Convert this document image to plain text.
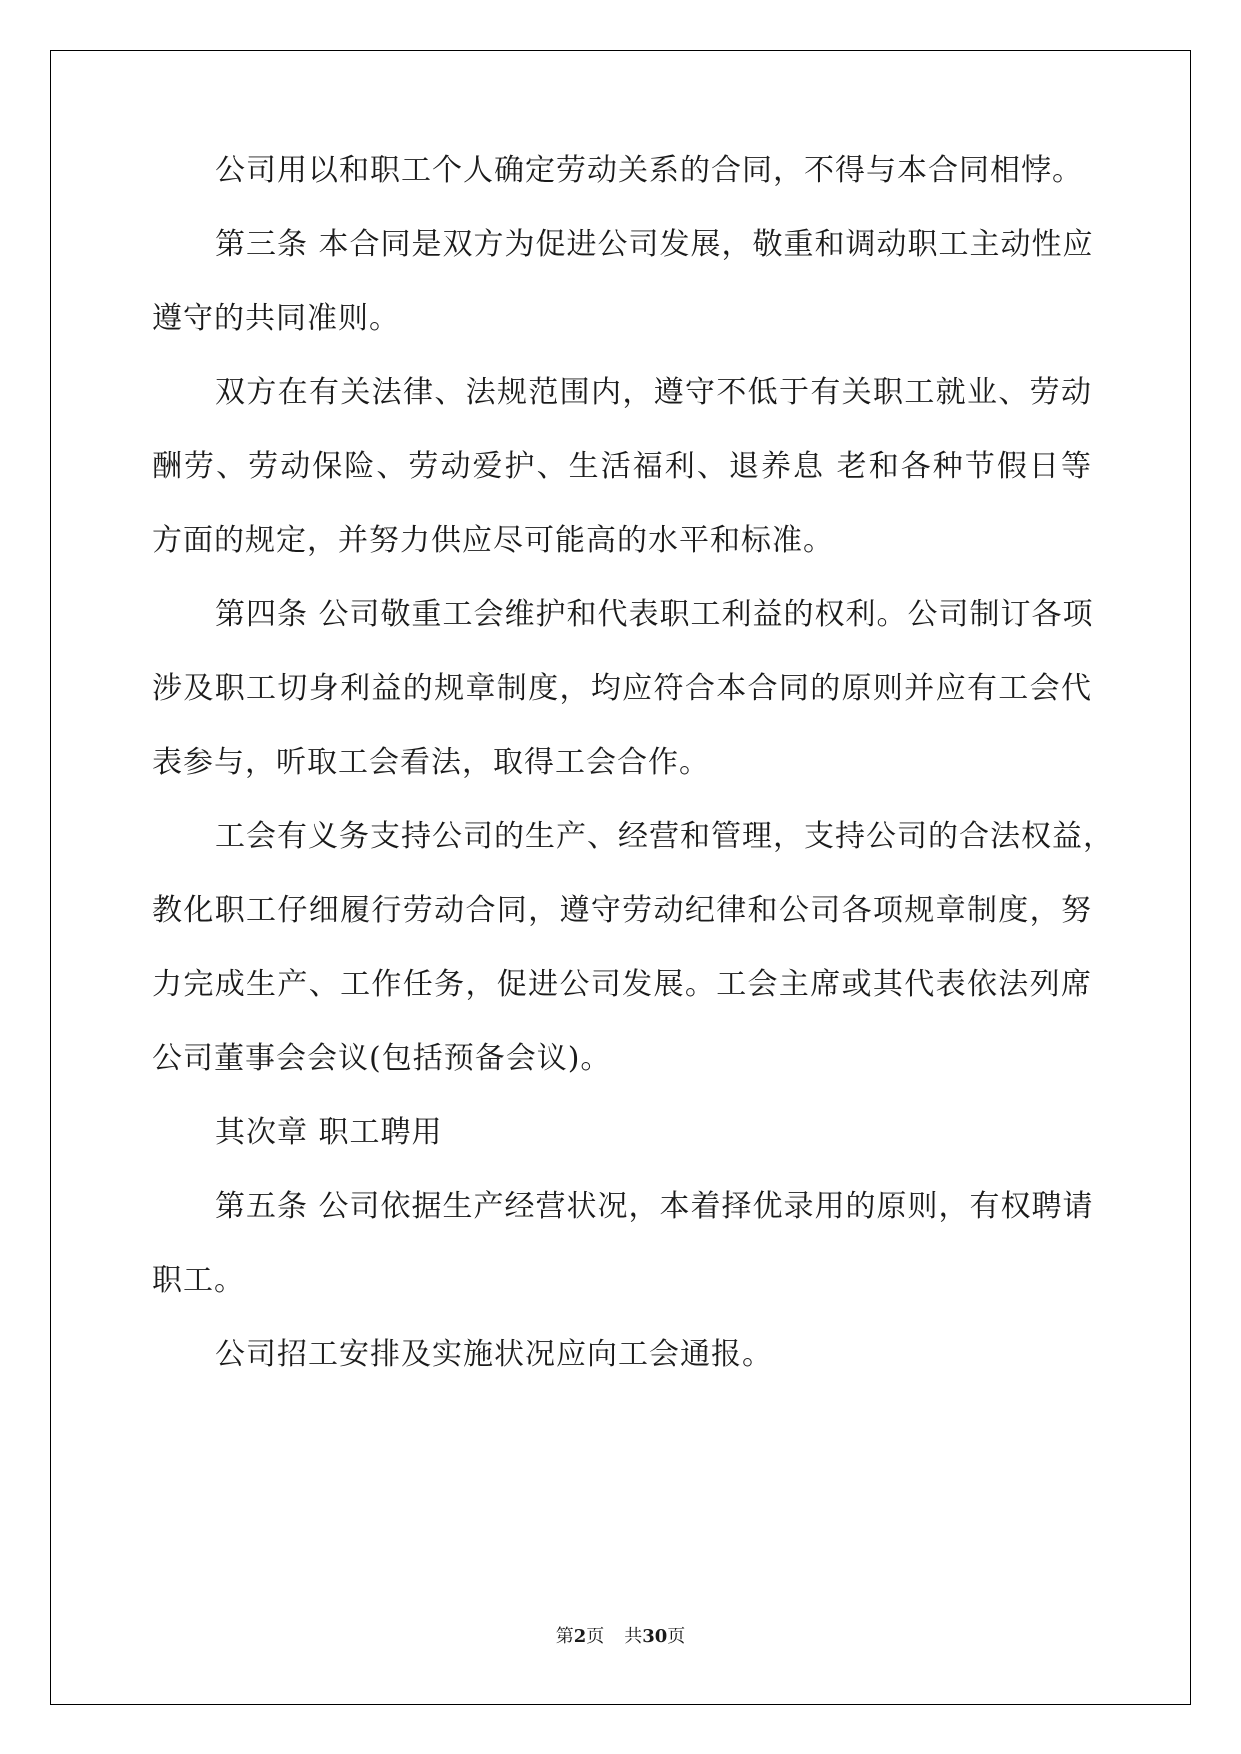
公司用以和职工个人确定劳动关系的合同，不得与本合同相悖。
第三条 本合同是双方为促进公司发展，敬重和调动职工主动性应
遵守的共同准则。
双方在有关法律、法规范围内，遵守不低于有关职工就业、劳动
酬劳、劳动保险、劳动爱护、生活福利、退养息 老和各种节假日等
方面的规定，并努力供应尽可能高的水平和标准。
第四条 公司敬重工会维护和代表职工利益的权利。公司制订各项
涉及职工切身利益的规章制度，均应符合本合同的原则并应有工会代
表参与，听取工会看法，取得工会合作。
工会有义务支持公司的生产、经营和管理，支持公司的合法权益，
教化职工仔细履行劳动合同，遵守劳动纪律和公司各项规章制度，努
力完成生产、工作任务，促进公司发展。工会主席或其代表依法列席
公司董事会会议(包括预备会议)。
其次章 职工聘用
第五条 公司依据生产经营状况，本着择优录用的原则，有权聘请
职工。
公司招工安排及实施状况应向工会通报。
第2页 共30页
